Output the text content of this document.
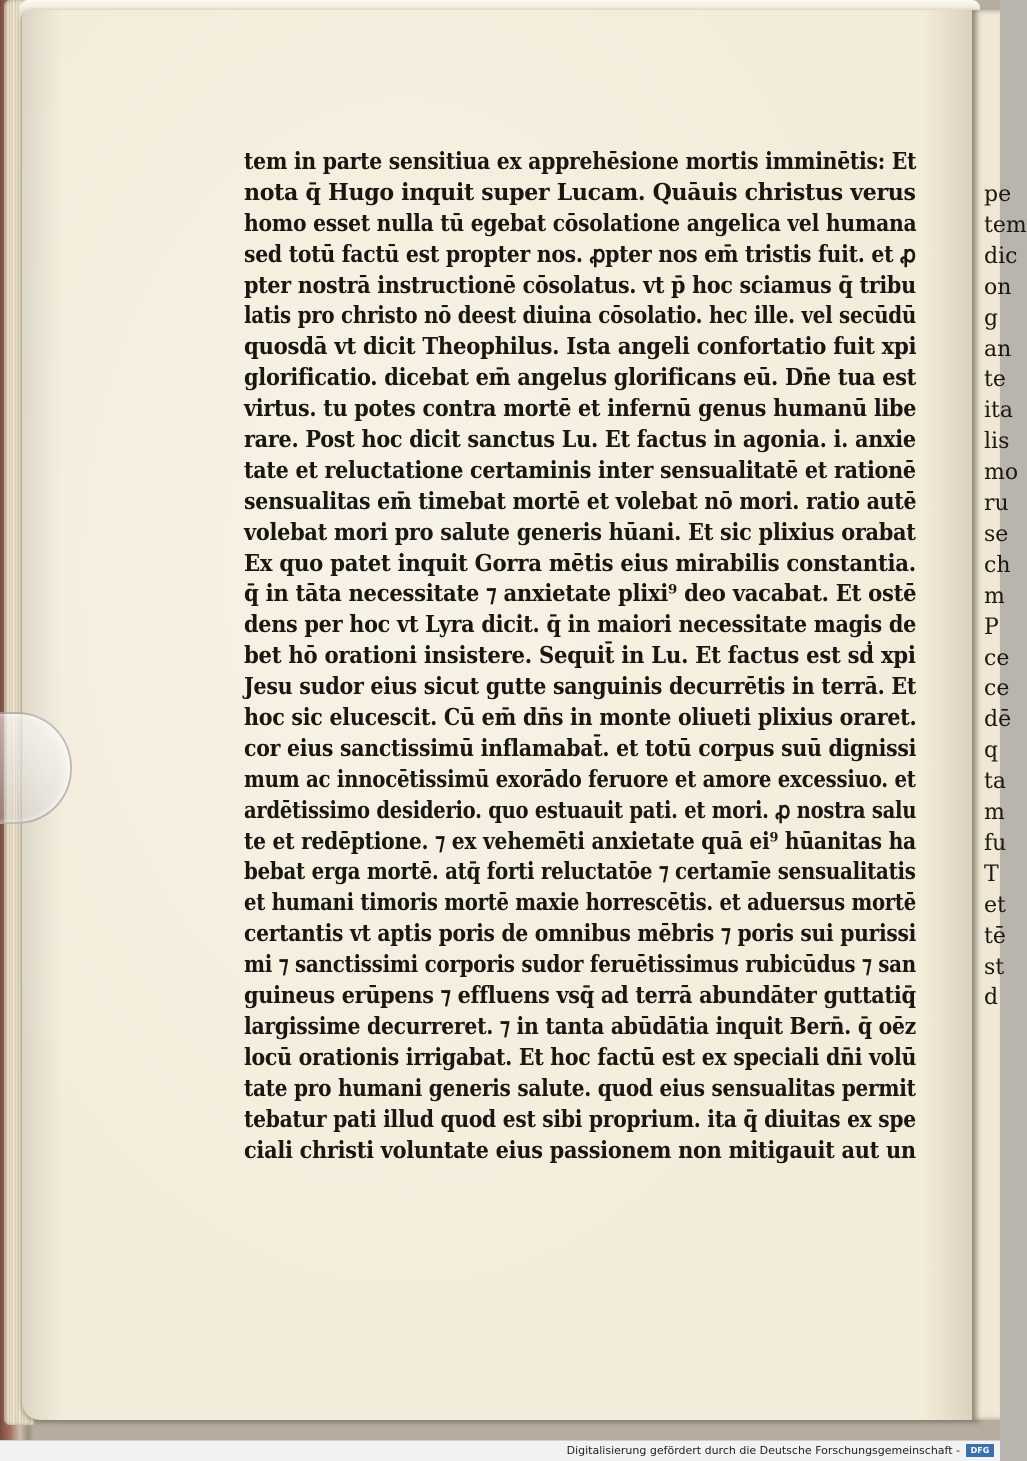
pe
tem
dic
on
g
an
te
ita
lis
mo
ru
se
ch
m
P
ce
ce
dē
q
ta
m
fu
T
et
tē
st
d
tem in parte sensitiua ex apprehēsione mortis imminētis: Et
nota q̄ Hugo inquit super Lucam. Quāuis christus verus
homo esset nulla tū egebat cōsolatione angelica vel humana
sed totū factū est propter nos. ꝓpter nos em̄ tristis fuit. et ꝓ
pter nostrā instructionē cōsolatus. vt p̄ hoc sciamus q̄ tribu
latis pro christo nō deest diuina cōsolatio. hec ille. vel secūdū
quosdā vt dicit Theophilus. Ista angeli confortatio fuit xpi
glorificatio. dicebat em̄ angelus glorificans eū. Dn̄e tua est
virtus. tu potes contra mortē et infernū genus humanū libe
rare. Post hoc dicit sanctus Lu. Et factus in agonia. i. anxie
tate et reluctatione certaminis inter sensualitatē et rationē
sensualitas em̄ timebat mortē et volebat nō mori. ratio autē
volebat mori pro salute generis hūani. Et sic plixius orabat
Ex quo patet inquit Gorra mētis eius mirabilis constantia.
q̄ in tāta necessitate ⁊ anxietate plixi⁹ deo vacabat. Et ostē
dens per hoc vt Lyra dicit. q̄ in maiori necessitate magis de
bet hō orationi insistere. Sequit̄ in Lu. Et factus est sḋ xpi
Jesu sudor eius sicut gutte sanguinis decurrētis in terrā. Et
hoc sic elucescit. Cū em̄ dn̄s in monte oliueti plixius oraret.
cor eius sanctissimū inflamabat̄. et totū corpus suū dignissi
mum ac innocētissimū exorādo feruore et amore excessiuo. et
ardētissimo desiderio. quo estuauit pati. et mori. ꝓ nostra salu
te et redēptione. ⁊ ex vehemēti anxietate quā ei⁹ hūanitas ha
bebat erga mortē. atq̄ forti reluctatōe ⁊ certamīe sensualitatis
et humani timoris mortē maxie horrescētis. et aduersus mortē
certantis vt aptis poris de omnibus mēbris ⁊ poris sui purissi
mi ⁊ sanctissimi corporis sudor feruētissimus rubicūdus ⁊ san
guineus erūpens ⁊ effluens vsq̄ ad terrā abundāter guttatiq̄
largissime decurreret. ⁊ in tanta abūdātia inquit Bern̄. q̄ oēz
locū orationis irrigabat. Et hoc factū est ex speciali dn̄i volū
tate pro humani generis salute. quod eius sensualitas permit
tebatur pati illud quod est sibi proprium. ita q̄ diuitas ex spe
ciali christi voluntate eius passionem non mitigauit aut un
Digitalisierung gefördert durch die Deutsche Forschungsgemeinschaft -	DFG
